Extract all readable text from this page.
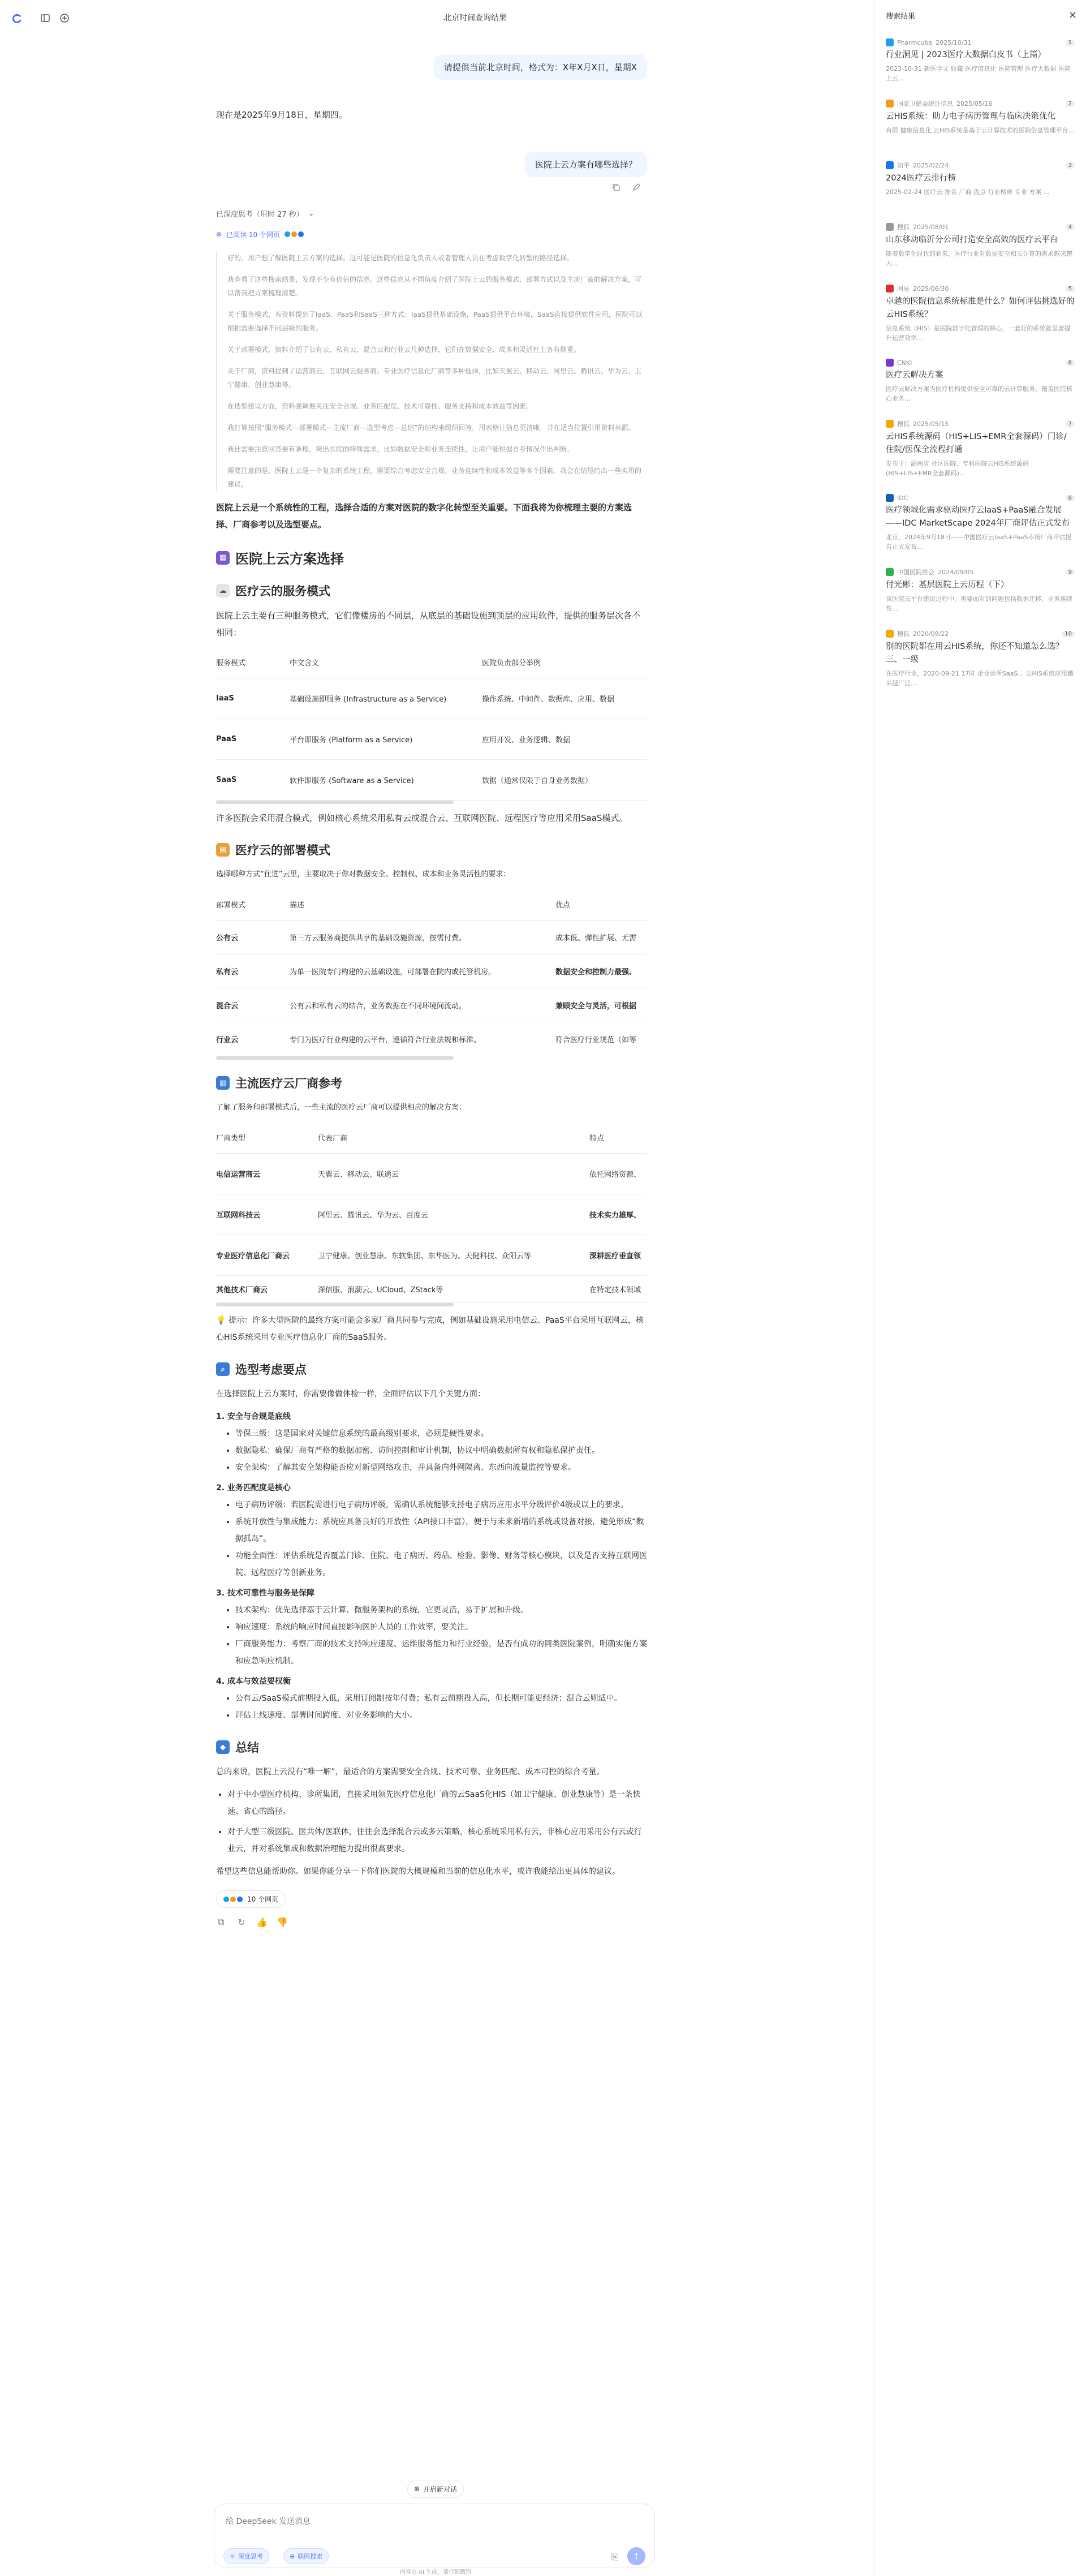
北京时间查询结果
请提供当前北京时间，格式为：X年X月X日，星期X
现在是2025年9月18日，星期四。
医院上云方案有哪些选择？
已深度思考（用时 27 秒） ⌄
⊕ 已阅读 10 个网页

好的，用户想了解医院上云方案的选择。这可能是医院的信息化负责人或者管理人员在考虑数字化转型的路径选择。

我查看了这些搜索结果，发现不少有价值的信息。这些信息从不同角度介绍了医院上云的服务模式、部署方式以及主流厂商的解决方案，可以帮我把方案梳理清楚。

关于服务模式，有资料提到了IaaS、PaaS和SaaS三种方式：IaaS提供基础设施，PaaS提供平台环境，SaaS直接提供软件应用，医院可以根据需要选择不同层级的服务。

关于部署模式，资料介绍了公有云、私有云、混合云和行业云几种选择，它们在数据安全、成本和灵活性上各有侧重。

关于厂商，资料提到了运营商云、互联网云服务商、专业医疗信息化厂商等多种选择，比如天翼云、移动云、阿里云、腾讯云、华为云、卫宁健康、创业慧康等。

在选型建议方面，资料强调要关注安全合规、业务匹配度、技术可靠性、服务支持和成本效益等因素。

我打算按照“服务模式—部署模式—主流厂商—选型考虑—总结”的结构来组织回答，用表格让信息更清晰，并在适当位置引用资料来源。

我还需要注意回答要有条理，突出医院的特殊需求，比如数据安全和业务连续性，让用户能根据自身情况作出判断。

需要注意的是，医院上云是一个复杂的系统工程，需要综合考虑安全合规、业务连续性和成本效益等多个因素。我会在结尾给出一些实用的建议。

医院上云是一个系统性的工程，选择合适的方案对医院的数字化转型至关重要。下面我将为你梳理主要的方案选择、厂商参考以及选型要点。
▦ 医院上云方案选择
☁ 医疗云的服务模式
医院上云主要有三种服务模式，它们像楼房的不同层，从底层的基础设施到顶层的应用软件，提供的服务层次各不相同：
服务模式	中文含义	医院负责部分举例
IaaS	基础设施即服务 (Infrastructure as a Service)	操作系统、中间件、数据库、应用、数据
PaaS	平台即服务 (Platform as a Service)	应用开发、业务逻辑、数据
SaaS	软件即服务 (Software as a Service)	数据（通常仅限于自身业务数据）
许多医院会采用混合模式，例如核心系统采用私有云或混合云、互联网医院、远程医疗等应用采用SaaS模式。
▤ 医疗云的部署模式
选择哪种方式“住进”云里，主要取决于你对数据安全、控制权、成本和业务灵活性的要求：
部署模式	描述	优点
公有云	第三方云服务商提供共享的基础设施资源，按需付费。	成本低、弹性扩展、无需
私有云	为单一医院专门构建的云基础设施，可部署在院内或托管机房。	数据安全和控制力最强、
混合云	公有云和私有云的结合，业务数据在不同环境间流动。	兼顾安全与灵活，可根据
行业云	专门为医疗行业构建的云平台，遵循符合行业法规和标准。	符合医疗行业规范（如等
▥ 主流医疗云厂商参考
了解了服务和部署模式后，一些主流的医疗云厂商可以提供相应的解决方案：
厂商类型	代表厂商	特点
电信运营商云	天翼云、移动云、联通云	依托网络资源、
互联网科技云	阿里云、腾讯云、华为云、百度云	技术实力雄厚、
专业医疗信息化厂商云	卫宁健康、创业慧康、东软集团、东华医为、天健科技、众阳云等	深耕医疗垂直领
其他技术厂商云	深信服、浪潮云、UCloud、ZStack等	在特定技术领域
💡 提示：许多大型医院的最终方案可能会多家厂商共同参与完成，例如基础设施采用电信云、PaaS平台采用互联网云，核心HIS系统采用专业医疗信息化厂商的SaaS服务。
⌕ 选型考虑要点
在选择医院上云方案时，你需要像做体检一样，全面评估以下几个关键方面：
1. 安全与合规是底线
• 等保三级：这是国家对关键信息系统的最高级别要求，必须是硬性要求。
• 数据隐私：确保厂商有严格的数据加密、访问控制和审计机制，协议中明确数据所有权和隐私保护责任。
• 安全架构：了解其安全架构能否应对新型网络攻击，并具备内外网隔离、东西向流量监控等要求。
2. 业务匹配度是核心
• 电子病历评级：若医院需进行电子病历评级，需确认系统能够支持电子病历应用水平分级评价4级或以上的要求。
• 系统开放性与集成能力：系统应具备良好的开放性（API接口丰富），便于与未来新增的系统或设备对接，避免形成“数据孤岛”。
• 功能全面性：评估系统是否覆盖门诊、住院、电子病历、药品、检验、影像、财务等核心模块，以及是否支持互联网医院、远程医疗等创新业务。
3. 技术可靠性与服务是保障
• 技术架构：优先选择基于云计算、微服务架构的系统，它更灵活，易于扩展和升级。
• 响应速度：系统的响应时间直接影响医护人员的工作效率，要关注。
• 厂商服务能力：考察厂商的技术支持响应速度、运维服务能力和行业经验，是否有成功的同类医院案例，明确实施方案和应急响应机制。
4. 成本与效益要权衡
• 公有云/SaaS模式前期投入低，采用订阅制按年付费；私有云前期投入高，但长期可能更经济；混合云则适中。
• 评估上线速度、部署时间跨度、对业务影响的大小。
◆ 总结
总的来说，医院上云没有“唯一解”，最适合的方案需要安全合规、技术可靠、业务匹配、成本可控的综合考量。
• 对于中小型医疗机构、诊所集团，直接采用领先医疗信息化厂商的云SaaS化HIS（如卫宁健康、创业慧康等）是一条快速、省心的路径。
• 对于大型三级医院、医共体/医联体，往往会选择混合云或多云策略，核心系统采用私有云，非核心应用采用公有云或行业云，并对系统集成和数据治理能力提出很高要求。
希望这些信息能帮助你。如果你能分享一下你们医院的大概规模和当前的信息化水平，或许我能给出更具体的建议。
10 个网页
⧉ ↻ 👍 👎
搜索结果	✕
Pharmcube 2025/10/31	1
行业洞见 | 2023医疗大数据白皮书（上篇）
2023-10-31 新医学文 收藏 医疗信息化 医院管理 医疗大数据 医院上云...
国家卫健委统计信息 2025/05/16	2
云HIS系统：助力电子病历管理与临床决策优化
有限 健康信息化 云HIS系统是基于云计算技术的医院信息管理平台...
知乎 2025/02/24	3
2024医疗云排行榜
2025-02-24 医疗云 排名 厂商 盘点 行业榜单 专业 方案 ...
搜狐 2025/08/01	4
山东移动临沂分公司打造安全高效的医疗云平台
随着数字化时代的到来，医疗行业对数据安全和云计算的需求越来越大...
网易 2025/06/30	5
卓越的医院信息系统标准是什么？如何评估挑选好的云HIS系统？
信息系统（HIS）是医院数字化管理的核心，一套好的系统能显著提升运营效率...
CNKI	6
医疗云解决方案
医疗云解决方案为医疗机构提供安全可靠的云计算服务，覆盖医院核心业务...
搜狐 2025/05/15	7
云HIS系统源码（HIS+LIS+EMR全套源码）门诊/住院/医保全流程打通
发布于：湖南省 社区医院、专科医院云HIS系统源码 (HIS+LIS+EMR全套源码)...
IDC	8
医疗领域化需求驱动医疗云IaaS+PaaS融合发展——IDC MarketScape 2024年厂商评估正式发布
北京，2024年9月18日——中国医疗云IaaS+PaaS市场厂商评估报告正式发布...
中国医院协会 2024/09/05	9
付光彬：基层医院上云历程（下）
该医院云平台建设过程中，需要面对的问题包括数据迁移、业务连续性...
搜狐 2020/09/22	10
别的医院都在用云HIS系统，你还不知道怎么选？三、一级
在医疗行业，2020-09-21 17时 企业诊所SaaS... 云HIS系统应用越来越广泛...
⊕ 开启新对话
给 DeepSeek 发送消息
⚛ 深度思考	⊕ 联网搜索	⎘	↑
内容由 AI 生成，请仔细甄别
